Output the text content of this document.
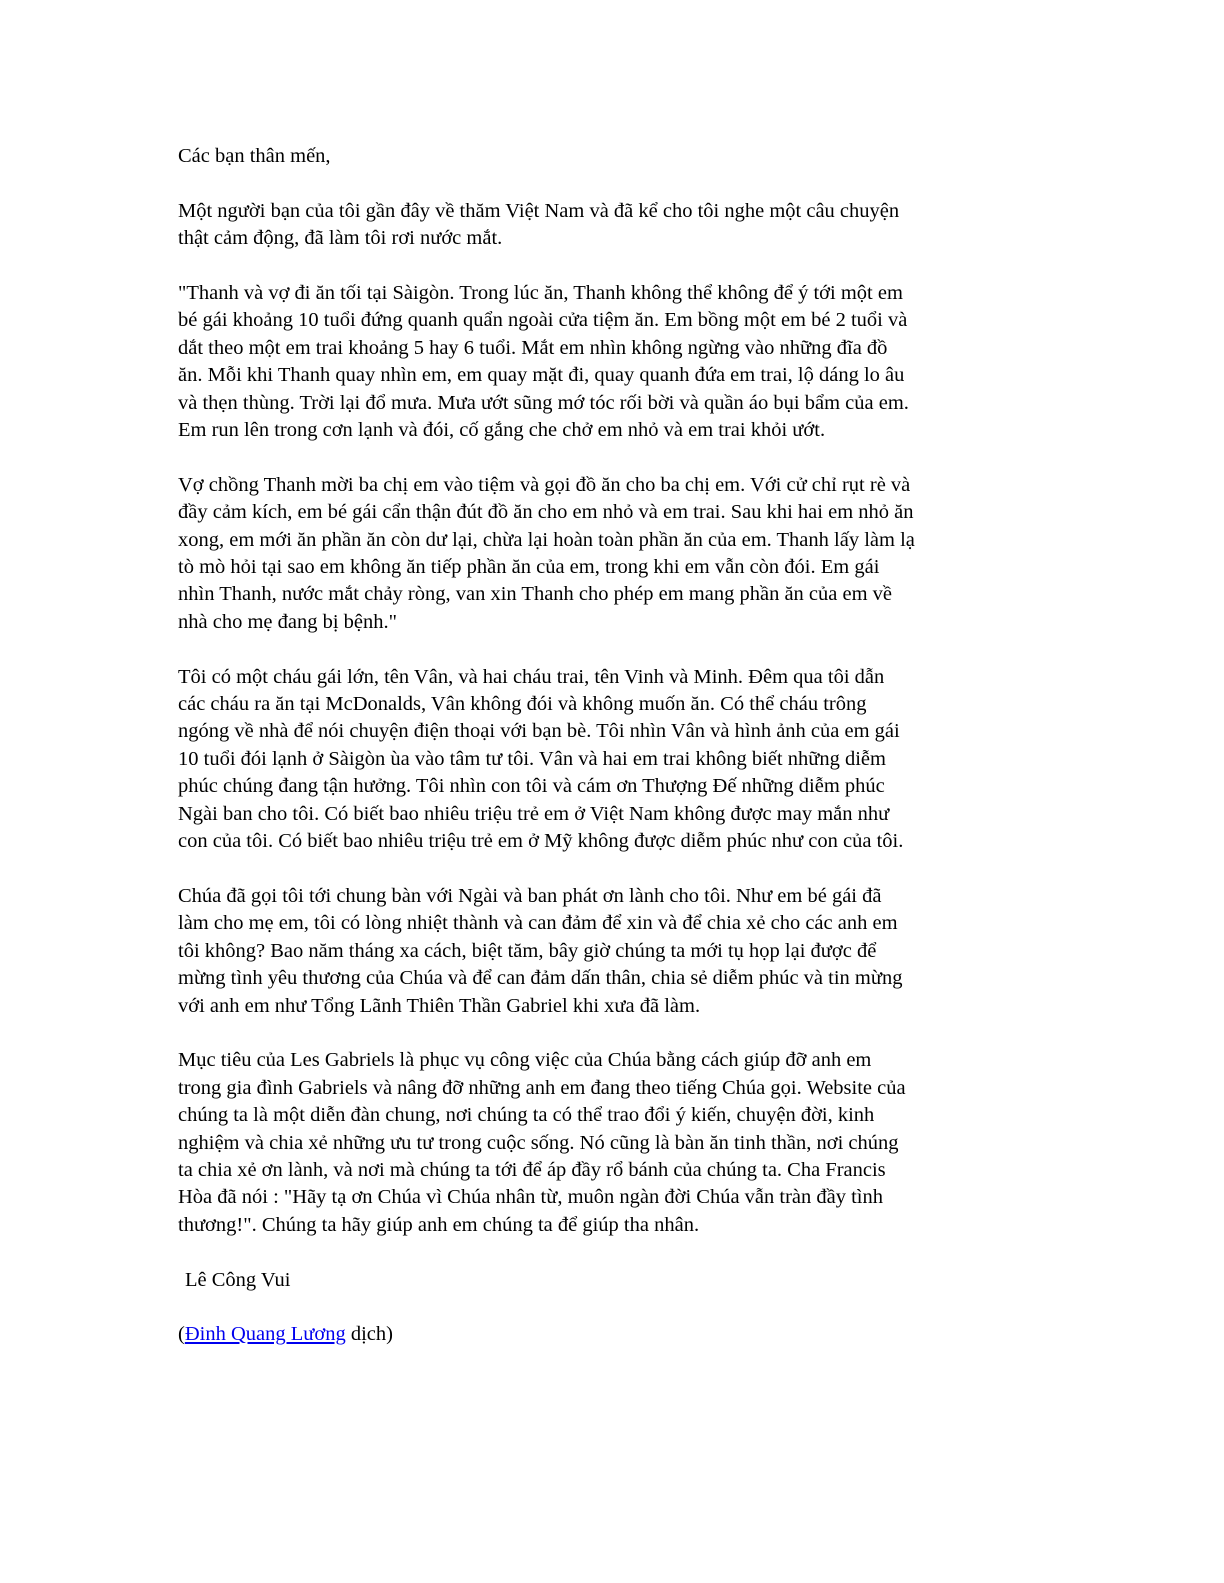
Các bạn thân mến,

Một người bạn của tôi gần đây về thăm Việt Nam và đã kể cho tôi nghe một câu chuyện
thật cảm động, đã làm tôi rơi nước mắt.

"Thanh và vợ đi ăn tối tại Sàigòn. Trong lúc ăn, Thanh không thể không để ý tới một em
bé gái khoảng 10 tuổi đứng quanh quẩn ngoài cửa tiệm ăn. Em bồng một em bé 2 tuổi và
dắt theo một em trai khoảng 5 hay 6 tuổi. Mắt em nhìn không ngừng vào những đĩa đồ
ăn. Mỗi khi Thanh quay nhìn em, em quay mặt đi, quay quanh đứa em trai, lộ dáng lo âu
và thẹn thùng. Trời lại đổ mưa. Mưa ướt sũng mớ tóc rối bời và quần áo bụi bẩm của em.
Em run lên trong cơn lạnh và đói, cố gắng che chở em nhỏ và em trai khỏi ướt.

Vợ chồng Thanh mời ba chị em vào tiệm và gọi đồ ăn cho ba chị em. Với cử chỉ rụt rè và
đầy cảm kích, em bé gái cẩn thận đút đồ ăn cho em nhỏ và em trai. Sau khi hai em nhỏ ăn
xong, em mới ăn phần ăn còn dư lại, chừa lại hoàn toàn phần ăn của em. Thanh lấy làm lạ
tò mò hỏi tại sao em không ăn tiếp phần ăn của em, trong khi em vẫn còn đói. Em gái
nhìn Thanh, nước mắt chảy ròng, van xin Thanh cho phép em mang phần ăn của em về
nhà cho mẹ đang bị bệnh."

Tôi có một cháu gái lớn, tên Vân, và hai cháu trai, tên Vinh và Minh. Đêm qua tôi dẫn
các cháu ra ăn tại McDonalds, Vân không đói và không muốn ăn. Có thể cháu trông
ngóng về nhà để nói chuyện điện thoại với bạn bè. Tôi nhìn Vân và hình ảnh của em gái
10 tuổi đói lạnh ở Sàigòn ùa vào tâm tư tôi. Vân và hai em trai không biết những diễm
phúc chúng đang tận hưởng. Tôi nhìn con tôi và cám ơn Thượng Đế những diễm phúc
Ngài ban cho tôi. Có biết bao nhiêu triệu trẻ em ở Việt Nam không được may mắn như
con của tôi. Có biết bao nhiêu triệu trẻ em ở Mỹ không được diễm phúc như con của tôi.

Chúa đã gọi tôi tới chung bàn với Ngài và ban phát ơn lành cho tôi. Như em bé gái đã
làm cho mẹ em, tôi có lòng nhiệt thành và can đảm để xin và để chia xẻ cho các anh em
tôi không? Bao năm tháng xa cách, biệt tăm, bây giờ chúng ta mới tụ họp lại được để
mừng tình yêu thương của Chúa và để can đảm dấn thân, chia sẻ diễm phúc và tin mừng
với anh em như Tổng Lãnh Thiên Thần Gabriel khi xưa đã làm.

Mục tiêu của Les Gabriels là phục vụ công việc của Chúa bằng cách giúp đỡ anh em
trong gia đình Gabriels và nâng đỡ những anh em đang theo tiếng Chúa gọi. Website của
chúng ta là một diễn đàn chung, nơi chúng ta có thể trao đổi ý kiến, chuyện đời, kinh
nghiệm và chia xẻ những ưu tư trong cuộc sống. Nó cũng là bàn ăn tinh thần, nơi chúng
ta chia xẻ ơn lành, và nơi mà chúng ta tới để áp đầy rổ bánh của chúng ta. Cha Francis
Hòa đã nói : "Hãy tạ ơn Chúa vì Chúa nhân từ, muôn ngàn đời Chúa vẫn tràn đầy tình
thương!". Chúng ta hãy giúp anh em chúng ta để giúp tha nhân.

Lê Công Vui

(Đinh Quang Lương dịch)
